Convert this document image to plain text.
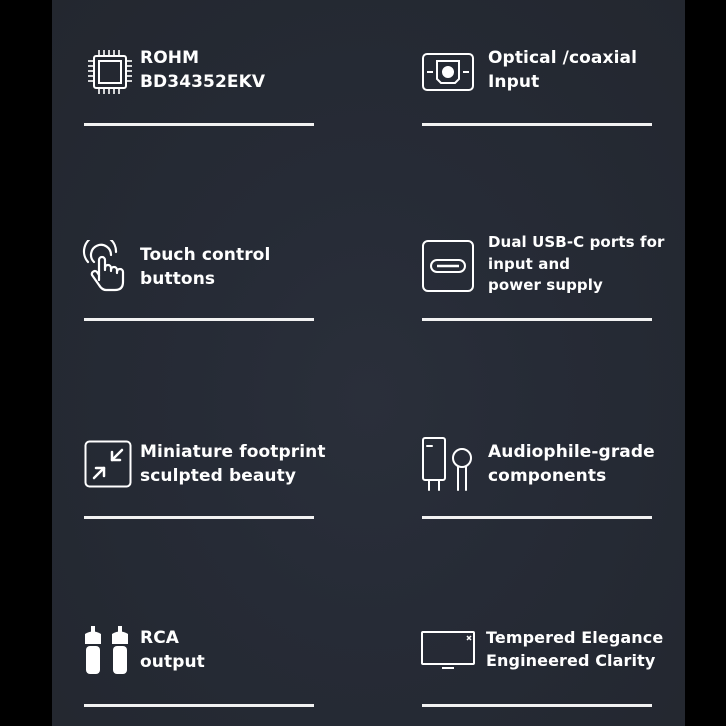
ROHM
BD34352EKV
Optical /coaxial
Input
Touch control
buttons
Dual USB-C ports for
input and
power supply
Miniature footprint
sculpted beauty
Audiophile-grade
components
RCA
output
Tempered Elegance
Engineered Clarity
